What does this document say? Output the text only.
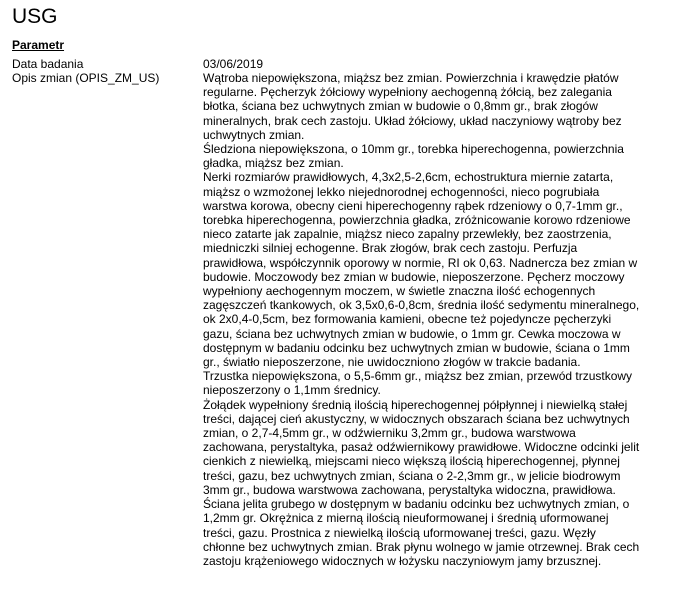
USG
Parametr
Data badania	03/06/2019
Opis zmian (OPIS_ZM_US)	Wątroba niepowiększona, miąższ bez zmian. Powierzchnia i krawędzie płatów
regularne. Pęcherzyk żółciowy wypełniony aechogenną żółcią, bez zalegania
błotka, ściana bez uchwytnych zmian w budowie o 0,8mm gr., brak złogów
mineralnych, brak cech zastoju. Układ żółciowy, układ naczyniowy wątroby bez
uchwytnych zmian.
Śledziona niepowiększona, o 10mm gr., torebka hiperechogenna, powierzchnia
gładka, miąższ bez zmian.
Nerki rozmiarów prawidłowych, 4,3x2,5-2,6cm, echostruktura miernie zatarta,
miąższ o wzmożonej lekko niejednorodnej echogenności, nieco pogrubiała
warstwa korowa, obecny cieni hiperechogenny rąbek rdzeniowy o 0,7-1mm gr.,
torebka hiperechogenna, powierzchnia gładka, zróżnicowanie korowo rdzeniowe
nieco zatarte jak zapalnie, miąższ nieco zapalny przewlekły, bez zaostrzenia,
miedniczki silniej echogenne. Brak złogów, brak cech zastoju. Perfuzja
prawidłowa, współczynnik oporowy w normie, RI ok 0,63. Nadnercza bez zmian w
budowie. Moczowody bez zmian w budowie, nieposzerzone. Pęcherz moczowy
wypełniony aechogennym moczem, w świetle znaczna ilość echogennych
zagęszczeń tkankowych, ok 3,5x0,6-0,8cm, średnia ilość sedymentu mineralnego,
ok 2x0,4-0,5cm, bez formowania kamieni, obecne też pojedyncze pęcherzyki
gazu, ściana bez uchwytnych zmian w budowie, o 1mm gr. Cewka moczowa w
dostępnym w badaniu odcinku bez uchwytnych zmian w budowie, ściana o 1mm
gr., światło nieposzerzone, nie uwidoczniono złogów w trakcie badania.
Trzustka niepowiększona, o 5,5-6mm gr., miąższ bez zmian, przewód trzustkowy
nieposzerzony o 1,1mm średnicy.
Żołądek wypełniony średnią ilością hiperechogennej półpłynnej i niewielką stałej
treści, dającej cień akustyczny, w widocznych obszarach ściana bez uchwytnych
zmian, o 2,7-4,5mm gr., w odźwierniku 3,2mm gr., budowa warstwowa
zachowana, perystaltyka, pasaż odźwiernikowy prawidłowe. Widoczne odcinki jelit
cienkich z niewielką, miejscami nieco większą ilością hiperechogennej, płynnej
treści, gazu, bez uchwytnych zmian, ściana o 2-2,3mm gr., w jelicie biodrowym
3mm gr., budowa warstwowa zachowana, perystaltyka widoczna, prawidłowa.
Ściana jelita grubego w dostępnym w badaniu odcinku bez uchwytnych zmian, o
1,2mm gr. Okrężnica z mierną ilością nieuformowanej i średnią uformowanej
treści, gazu. Prostnica z niewielką ilością uformowanej treści, gazu. Węzły
chłonne bez uchwytnych zmian. Brak płynu wolnego w jamie otrzewnej. Brak cech
zastoju krążeniowego widocznych w łożysku naczyniowym jamy brzusznej.
